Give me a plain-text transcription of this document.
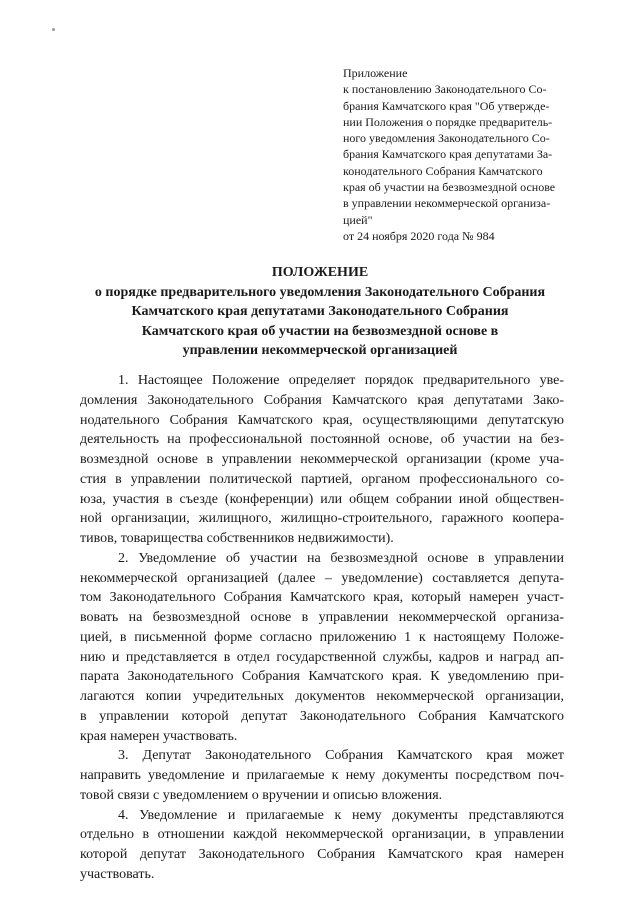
Приложение
к постановлению Законодательного Со-
брания Камчатского края "Об утвержде-
нии Положения о порядке предваритель-
ного уведомления Законодательного Со-
брания Камчатского края депутатами За-
конодательного Собрания Камчатского
края об участии на безвозмездной основе
в управлении некоммерческой организа-
цией"
от 24 ноября 2020 года № 984
ПОЛОЖЕНИЕ
о порядке предварительного уведомления Законодательного Собрания
Камчатского края депутатами Законодательного Собрания
Камчатского края об участии на безвозмездной основе в
управлении некоммерческой организацией
1. Настоящее Положение определяет порядок предварительного уве-
домления Законодательного Собрания Камчатского края депутатами Зако-
нодательного Собрания Камчатского края, осуществляющими депутатскую
деятельность на профессиональной постоянной основе, об участии на без-
возмездной основе в управлении некоммерческой организации (кроме уча-
стия в управлении политической партией, органом профессионального со-
юза, участия в съезде (конференции) или общем собрании иной обществен-
ной организации, жилищного, жилищно-строительного, гаражного коопера-
тивов, товарищества собственников недвижимости).
2. Уведомление об участии на безвозмездной основе в управлении
некоммерческой организацией (далее – уведомление) составляется депута-
том Законодательного Собрания Камчатского края, который намерен участ-
вовать на безвозмездной основе в управлении некоммерческой организа-
цией, в письменной форме согласно приложению 1 к настоящему Положе-
нию и представляется в отдел государственной службы, кадров и наград ап-
парата Законодательного Собрания Камчатского края. К уведомлению при-
лагаются копии учредительных документов некоммерческой организации,
в управлении которой депутат Законодательного Собрания Камчатского
края намерен участвовать.
3. Депутат Законодательного Собрания Камчатского края может
направить уведомление и прилагаемые к нему документы посредством поч-
товой связи с уведомлением о вручении и описью вложения.
4. Уведомление и прилагаемые к нему документы представляются
отдельно в отношении каждой некоммерческой организации, в управлении
которой депутат Законодательного Собрания Камчатского края намерен
участвовать.
